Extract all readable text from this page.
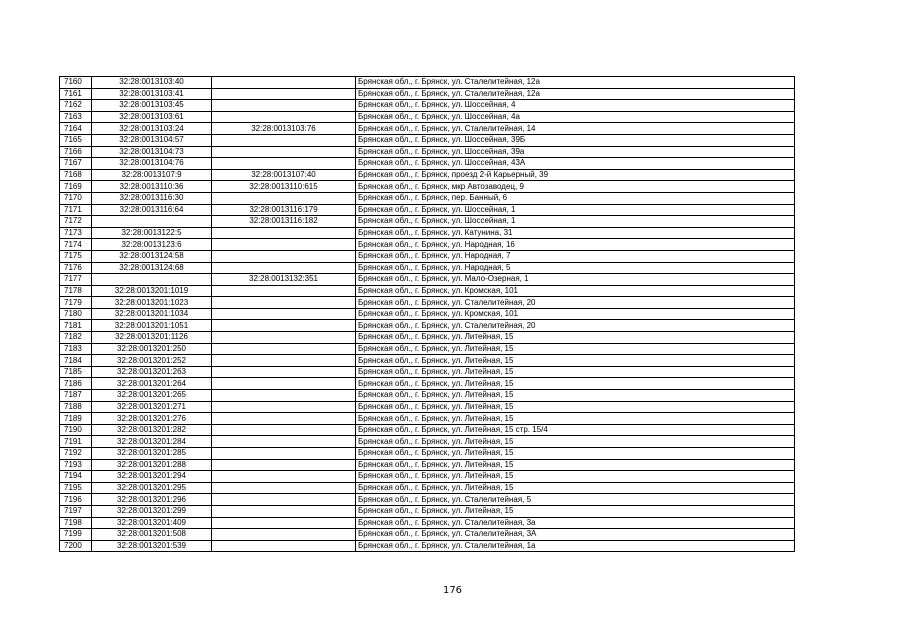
7160	32:28:0013103:40		Брянская обл., г. Брянск, ул. Сталелитейная, 12а
7161	32:28:0013103:41		Брянская обл., г. Брянск, ул. Сталелитейная, 12а
7162	32:28:0013103:45		Брянская обл., г. Брянск, ул. Шоссейная, 4
7163	32:28:0013103:61		Брянская обл., г. Брянск, ул. Шоссейная, 4а
7164	32:28:0013103:24	32:28:0013103:76	Брянская обл., г. Брянск, ул. Сталелитейная, 14
7165	32:28:0013104:57		Брянская обл., г. Брянск, ул. Шоссейная, 39Б
7166	32:28:0013104:73		Брянская обл., г. Брянск, ул. Шоссейная, 39а
7167	32:28:0013104:76		Брянская обл., г. Брянск, ул. Шоссейная, 43А
7168	32:28:0013107:9	32:28:0013107:40	Брянская обл., г. Брянск, проезд 2-й Карьерный, 39
7169	32:28:0013110:36	32:28:0013110:615	Брянская обл., г. Брянск, мкр Автозаводец, 9
7170	32:28:0013116:30		Брянская обл., г. Брянск, пер. Банный, 6
7171	32:28:0013116:64	32:28:0013116:179	Брянская обл., г. Брянск, ул. Шоссейная, 1
7172		32:28:0013116:182	Брянская обл., г. Брянск, ул. Шоссейная, 1
7173	32:28:0013122:5		Брянская обл., г. Брянск, ул. Катунина, 31
7174	32:28:0013123:6		Брянская обл., г. Брянск, ул. Народная, 16
7175	32:28:0013124:58		Брянская обл., г. Брянск, ул. Народная, 7
7176	32:28:0013124:68		Брянская обл., г. Брянск, ул. Народная, 5
7177		32:28:0013132:351	Брянская обл., г. Брянск, ул. Мало-Озерная, 1
7178	32:28:0013201:1019		Брянская обл., г. Брянск, ул. Кромская, 101
7179	32:28:0013201:1023		Брянская обл., г. Брянск, ул. Сталелитейная, 20
7180	32:28:0013201:1034		Брянская обл., г. Брянск, ул. Кромская, 101
7181	32:28:0013201:1051		Брянская обл., г. Брянск, ул. Сталелитейная, 20
7182	32:28:0013201:1126		Брянская обл., г. Брянск, ул. Литейная, 15
7183	32:28:0013201:250		Брянская обл., г. Брянск, ул. Литейная, 15
7184	32:28:0013201:252		Брянская обл., г. Брянск, ул. Литейная, 15
7185	32:28:0013201:263		Брянская обл., г. Брянск, ул. Литейная, 15
7186	32:28:0013201:264		Брянская обл., г. Брянск, ул. Литейная, 15
7187	32:28:0013201:265		Брянская обл., г. Брянск, ул. Литейная, 15
7188	32:28:0013201:271		Брянская обл., г. Брянск, ул. Литейная, 15
7189	32:28:0013201:276		Брянская обл., г. Брянск, ул. Литейная, 15
7190	32:28:0013201:282		Брянская обл., г. Брянск, ул. Литейная, 15 стр. 15/4
7191	32:28:0013201:284		Брянская обл., г. Брянск, ул. Литейная, 15
7192	32:28:0013201:285		Брянская обл., г. Брянск, ул. Литейная, 15
7193	32:28:0013201:288		Брянская обл., г. Брянск, ул. Литейная, 15
7194	32:28:0013201:294		Брянская обл., г. Брянск, ул. Литейная, 15
7195	32:28:0013201:295		Брянская обл., г. Брянск, ул. Литейная, 15
7196	32:28:0013201:296		Брянская обл., г. Брянск, ул. Сталелитейная, 5
7197	32:28:0013201:299		Брянская обл., г. Брянск, ул. Литейная, 15
7198	32:28:0013201:409		Брянская обл., г. Брянск, ул. Сталелитейная, 3а
7199	32:28:0013201:508		Брянская обл., г. Брянск, ул. Сталелитейная, 3А
7200	32:28:0013201:539		Брянская обл., г. Брянск, ул. Сталелитейная, 1а
176
